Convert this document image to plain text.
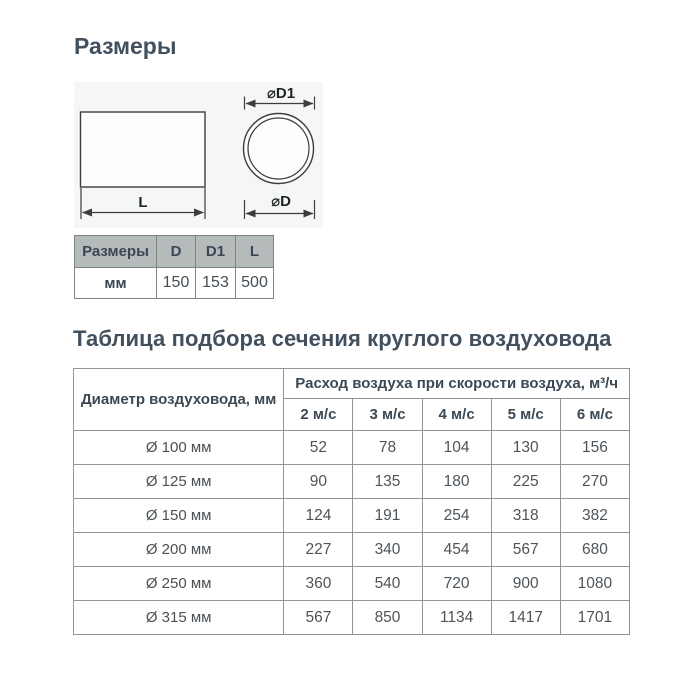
Размеры
L
⌀D1
⌀D
Размеры	D	D1	L
мм	150	153	500
Таблица подбора сечения круглого воздуховода
Диаметр воздуховода, мм	Расход воздуха при скорости воздуха, м³/ч				
	2 м/с	3 м/с	4 м/с	5 м/с	6 м/с
Ø 100 мм	52	78	104	130	156
Ø 125 мм	90	135	180	225	270
Ø 150 мм	124	191	254	318	382
Ø 200 мм	227	340	454	567	680
Ø 250 мм	360	540	720	900	1080
Ø 315 мм	567	850	1134	1417	1701
